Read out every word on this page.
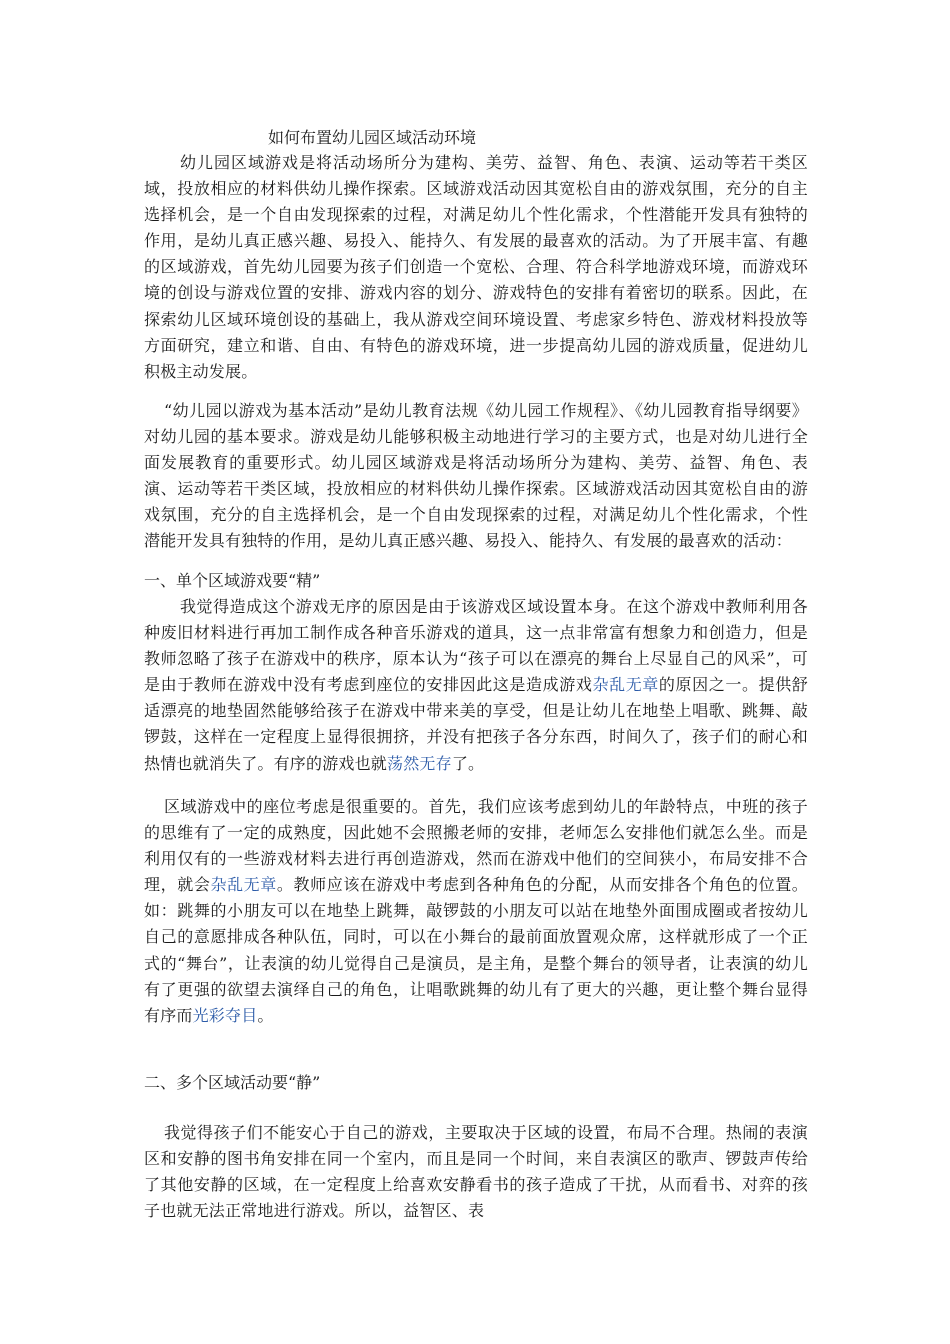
如何布置幼儿园区域活动环境

幼儿园区域游戏是将活动场所分为建构、美劳、益智、角色、表演、运动等若干类区域，投放相应的材料供幼儿操作探索。区域游戏活动因其宽松自由的游戏氛围，充分的自主选择机会，是一个自由发现探索的过程，对满足幼儿个性化需求，个性潜能开发具有独特的作用，是幼儿真正感兴趣、易投入、能持久、有发展的最喜欢的活动。为了开展丰富、有趣的区域游戏，首先幼儿园要为孩子们创造一个宽松、合理、符合科学地游戏环境，而游戏环境的创设与游戏位置的安排、游戏内容的划分、游戏特色的安排有着密切的联系。因此，在探索幼儿区域环境创设的基础上，我从游戏空间环境设置、考虑家乡特色、游戏材料投放等方面研究，建立和谐、自由、有特色的游戏环境，进一步提高幼儿园的游戏质量，促进幼儿积极主动发展。

“幼儿园以游戏为基本活动”是幼儿教育法规《幼儿园工作规程》、《幼儿园教育指导纲要》对幼儿园的基本要求。游戏是幼儿能够积极主动地进行学习的主要方式，也是对幼儿进行全面发展教育的重要形式。幼儿园区域游戏是将活动场所分为建构、美劳、益智、角色、表演、运动等若干类区域，投放相应的材料供幼儿操作探索。区域游戏活动因其宽松自由的游戏氛围，充分的自主选择机会，是一个自由发现探索的过程，对满足幼儿个性化需求，个性潜能开发具有独特的作用，是幼儿真正感兴趣、易投入、能持久、有发展的最喜欢的活动：

一、单个区域游戏要“精”

我觉得造成这个游戏无序的原因是由于该游戏区域设置本身。在这个游戏中教师利用各种废旧材料进行再加工制作成各种音乐游戏的道具，这一点非常富有想象力和创造力，但是教师忽略了孩子在游戏中的秩序，原本认为“孩子可以在漂亮的舞台上尽显自己的风采”，可是由于教师在游戏中没有考虑到座位的安排因此这是造成游戏杂乱无章的原因之一。提供舒适漂亮的地垫固然能够给孩子在游戏中带来美的享受，但是让幼儿在地垫上唱歌、跳舞、敲锣鼓，这样在一定程度上显得很拥挤，并没有把孩子各分东西，时间久了，孩子们的耐心和热情也就消失了。有序的游戏也就荡然无存了。

区域游戏中的座位考虑是很重要的。首先，我们应该考虑到幼儿的年龄特点，中班的孩子的思维有了一定的成熟度，因此她不会照搬老师的安排，老师怎么安排他们就怎么坐。而是利用仅有的一些游戏材料去进行再创造游戏，然而在游戏中他们的空间狭小，布局安排不合理，就会杂乱无章。教师应该在游戏中考虑到各种角色的分配，从而安排各个角色的位置。如：跳舞的小朋友可以在地垫上跳舞，敲锣鼓的小朋友可以站在地垫外面围成圈或者按幼儿自己的意愿排成各种队伍，同时，可以在小舞台的最前面放置观众席，这样就形成了一个正式的“舞台”，让表演的幼儿觉得自己是演员，是主角，是整个舞台的领导者，让表演的幼儿有了更强的欲望去演绎自己的角色，让唱歌跳舞的幼儿有了更大的兴趣，更让整个舞台显得有序而光彩夺目。

二、多个区域活动要“静”

我觉得孩子们不能安心于自己的游戏，主要取决于区域的设置，布局不合理。热闹的表演区和安静的图书角安排在同一个室内，而且是同一个时间，来自表演区的歌声、锣鼓声传给了其他安静的区域，在一定程度上给喜欢安静看书的孩子造成了干扰，从而看书、对弈的孩子也就无法正常地进行游戏。所以，益智区、表
